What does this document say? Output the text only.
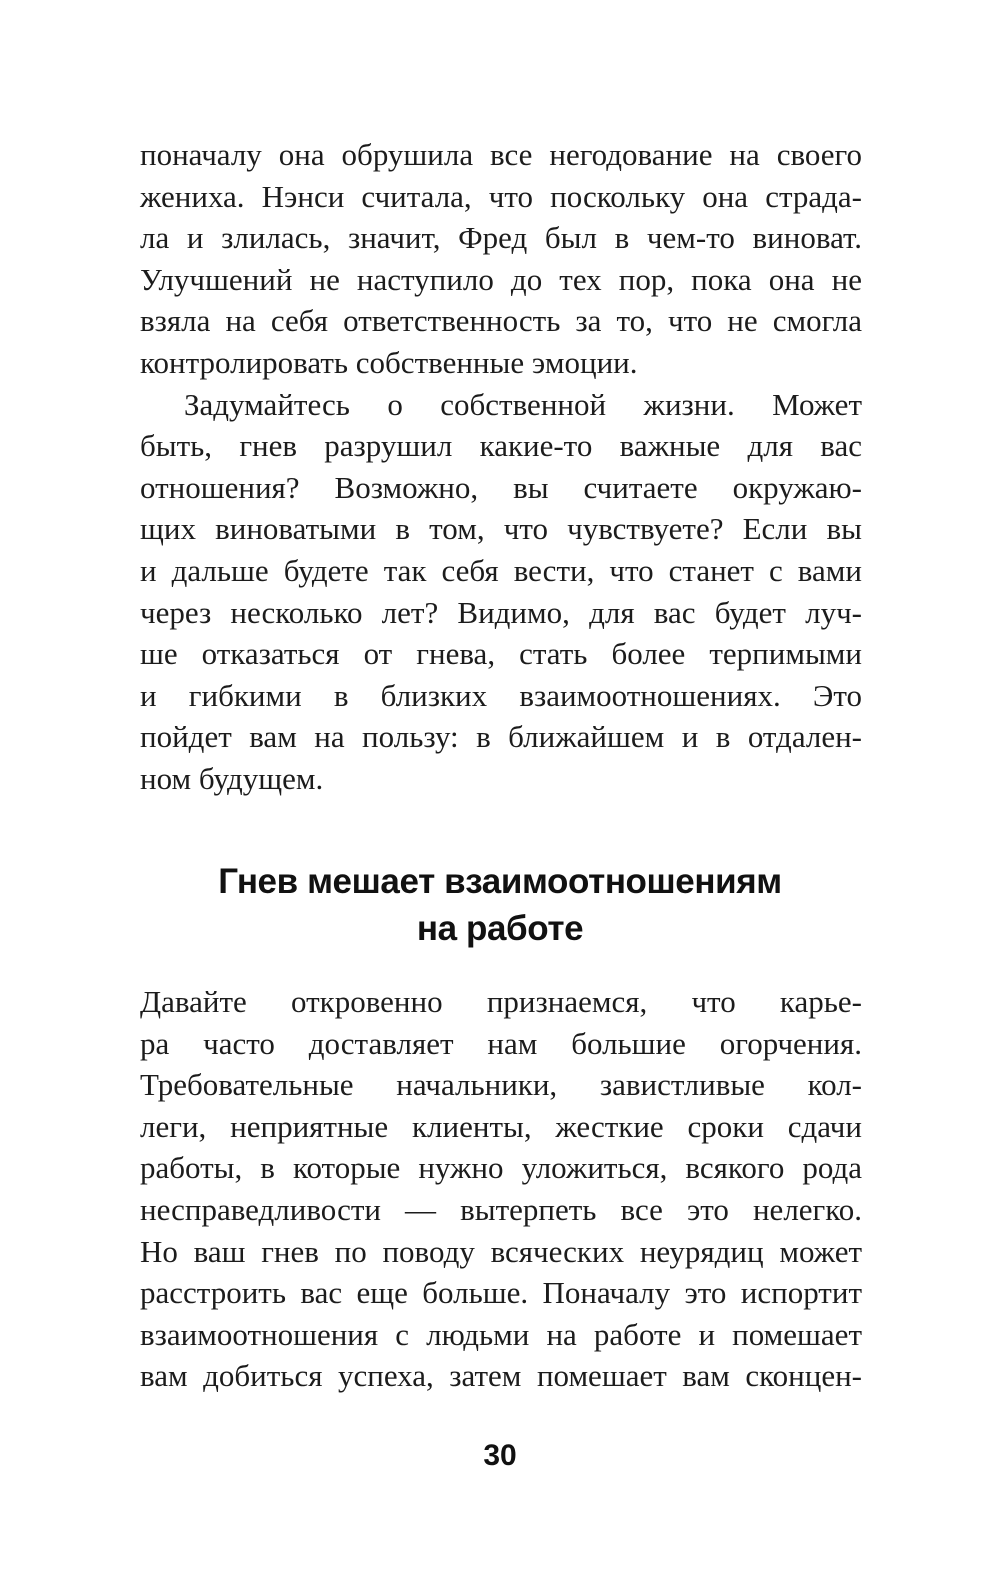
поначалу она обрушила все негодование на своего
жениха. Нэнси считала, что поскольку она страда-
ла и злилась, значит, Фред был в чем-то виноват.
Улучшений не наступило до тех пор, пока она не
взяла на себя ответственность за то, что не смогла
контролировать собственные эмоции.
Задумайтесь о собственной жизни. Может
быть, гнев разрушил какие-то важные для вас
отношения? Возможно, вы считаете окружаю-
щих виноватыми в том, что чувствуете? Если вы
и дальше будете так себя вести, что станет с вами
через несколько лет? Видимо, для вас будет луч-
ше отказаться от гнева, стать более терпимыми
и гибкими в близких взаимоотношениях. Это
пойдет вам на пользу: в ближайшем и в отдален-
ном будущем.
Гнев мешает взаимоотношениям
на работе
Давайте откровенно признаемся, что карье-
ра часто доставляет нам большие огорчения.
Требовательные начальники, завистливые кол-
леги, неприятные клиенты, жесткие сроки сдачи
работы, в которые нужно уложиться, всякого рода
несправедливости — вытерпеть все это нелегко.
Но ваш гнев по поводу всяческих неурядиц может
расстроить вас еще больше. Поначалу это испортит
взаимоотношения с людьми на работе и помешает
вам добиться успеха, затем помешает вам сконцен-
30
